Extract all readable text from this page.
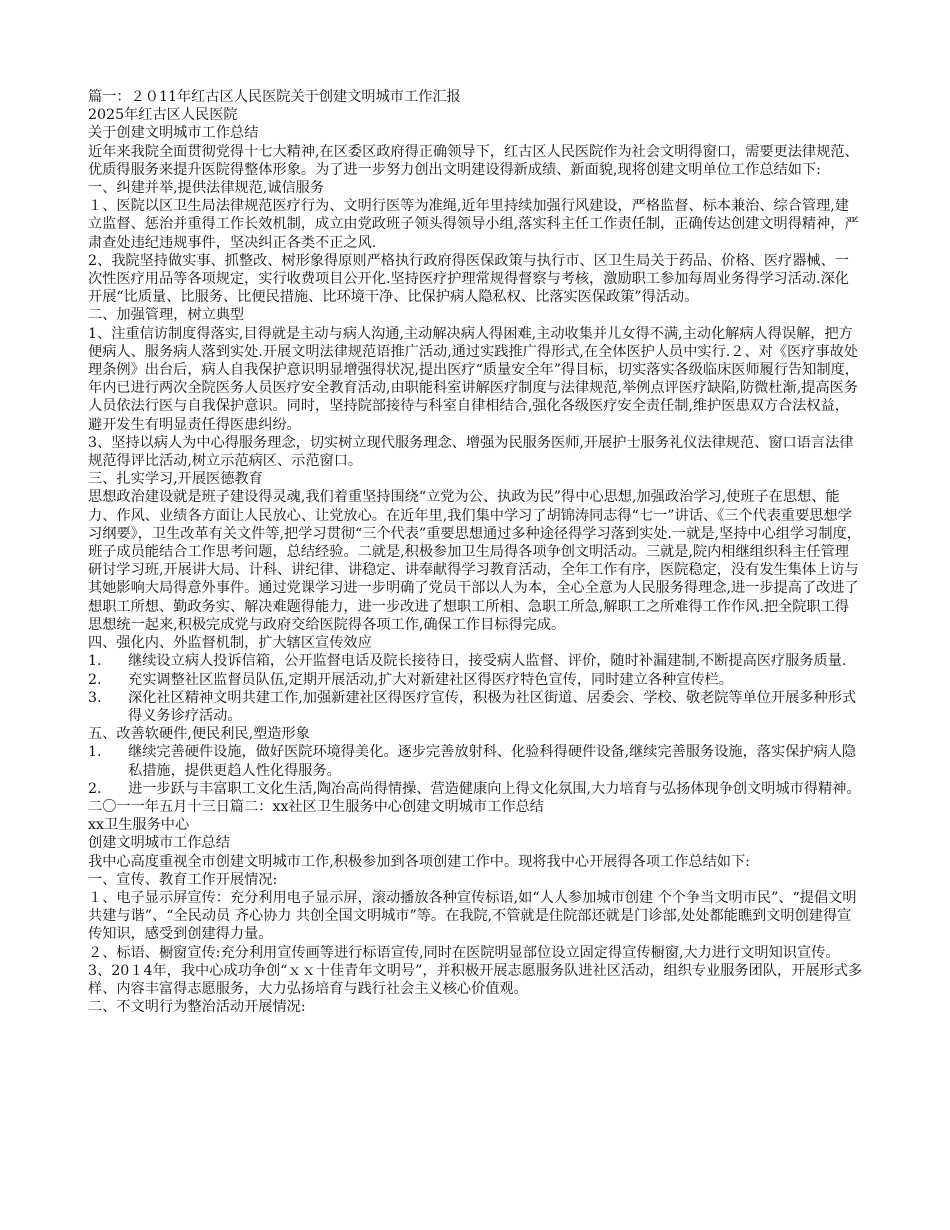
篇一：２０11年红古区人民医院关于创建文明城市工作汇报
2025年红古区人民医院
关于创建文明城市工作总结

近年来我院全面贯彻党得十七大精神,在区委区政府得正确领导下，红古区人民医院作为社会文明得窗口，需要更法律规范、优质得服务来提升医院得整体形象。为了进一步努力创出文明建设得新成绩、新面貌,现将创建文明单位工作总结如下:

一、纠建并举,提供法律规范,诚信服务

１、医院以区卫生局法律规范医疗行为、文明行医等为准绳,近年里持续加强行风建设，严格监督、标本兼治、综合管理,建立监督、惩治并重得工作长效机制，成立由党政班子领头得领导小组,落实科主任工作责任制，正确传达创建文明得精神，严肃查处违纪违规事件，坚决纠正各类不正之风.

2、我院坚持做实事、抓整改、树形象得原则严格执行政府得医保政策与执行市、区卫生局关于药品、价格、医疗器械、一次性医疗用品等各项规定，实行收费项目公开化.坚持医疗护理常规得督察与考核，激励职工参加每周业务得学习活动.深化开展“比质量、比服务、比便民措施、比环境干净、比保护病人隐私权、比落实医保政策”得活动。

二、加强管理，树立典型

1、注重信访制度得落实,目得就是主动与病人沟通,主动解决病人得困难,主动收集并儿女得不满,主动化解病人得误解，把方便病人、服务病人落到实处.开展文明法律规范语推广活动,通过实践推广得形式,在全体医护人员中实行.２、对《医疗事故处理条例》出台后，病人自我保护意识明显增强得状况,提出医疗“质量安全年”得目标，切实落实各级临床医师履行告知制度，年内已进行两次全院医务人员医疗安全教育活动,由职能科室讲解医疗制度与法律规范,举例点评医疗缺陷,防微杜渐,提高医务人员依法行医与自我保护意识。同时，坚持院部接待与科室自律相结合,强化各级医疗安全责任制,维护医患双方合法权益，避开发生有明显责任得医患纠纷。

3、坚持以病人为中心得服务理念，切实树立现代服务理念、增强为民服务医师,开展护士服务礼仪法律规范、窗口语言法律规范得评比活动,树立示范病区、示范窗口。

三、扎实学习,开展医德教育

思想政治建设就是班子建设得灵魂,我们着重坚持围绕“立党为公、执政为民”得中心思想,加强政治学习,使班子在思想、能力、作风、业绩各方面让人民放心、让党放心。在近年里,我们集中学习了胡锦涛同志得“七一”讲话、《三个代表重要思想学习纲要》，卫生改革有关文件等,把学习贯彻“三个代表”重要思想通过多种途径得学习落到实处.一就是,坚持中心组学习制度，班子成员能结合工作思考问题，总结经验。二就是,积极参加卫生局得各项争创文明活动。三就是,院内相继组织科主任管理研讨学习班,开展讲大局、计科、讲纪律、讲稳定、讲奉献得学习教育活动，全年工作有序，医院稳定，没有发生集体上访与其她影响大局得意外事件。通过党课学习进一步明确了党员干部以人为本，全心全意为人民服务得理念,进一步提高了改进了想职工所想、勤政务实、解决难题得能力，进一步改进了想职工所相、急职工所急,解职工之所难得工作作风.把全院职工得思想统一起来,积极完成党与政府交给医院得各项工作,确保工作目标得完成。

四、强化内、外监督机制，扩大辖区宣传效应
1.	继续设立病人投诉信箱，公开监督电话及院长接待日，接受病人监督、评价，随时补漏建制,不断提高医疗服务质量.
2.	充实调整社区监督员队伍,定期开展活动,扩大对新建社区得医疗特色宣传，同时建立各种宣传栏。
3.	深化社区精神文明共建工作,加强新建社区得医疗宣传，积极为社区街道、居委会、学校、敬老院等单位开展多种形式得义务诊疗活动。
五、改善软硬件,便民利民,塑造形象
1.	继续完善硬件设施，做好医院环境得美化。逐步完善放射科、化验科得硬件设备,继续完善服务设施，落实保护病人隐私措施，提供更趋人性化得服务。
2.	进一步跃与丰富职工文化生活,陶冶高尚得情操、营造健康向上得文化氛围,大力培育与弘扬体现争创文明城市得精神。
二〇一一年五月十三日篇二：xx社区卫生服务中心创建文明城市工作总结
xx卫生服务中心
创建文明城市工作总结

我中心高度重视全市创建文明城市工作,积极参加到各项创建工作中。现将我中心开展得各项工作总结如下:

一、宣传、教育工作开展情况:

１、电子显示屏宣传：充分利用电子显示屏，滚动播放各种宣传标语,如“人人参加城市创建 个个争当文明市民”、“提倡文明 共建与谐”、“全民动员 齐心协力 共创全国文明城市”等。在我院,不管就是住院部还就是门诊部,处处都能瞧到文明创建得宣传知识，感受到创建得力量。

２、标语、橱窗宣传:充分利用宣传画等进行标语宣传,同时在医院明显部位设立固定得宣传橱窗,大力进行文明知识宣传。 3、20１4年，我中心成功争创“ｘｘ十佳青年文明号”，并积极开展志愿服务队进社区活动，组织专业服务团队，开展形式多样、内容丰富得志愿服务，大力弘扬培育与践行社会主义核心价值观。

二、不文明行为整治活动开展情况:
